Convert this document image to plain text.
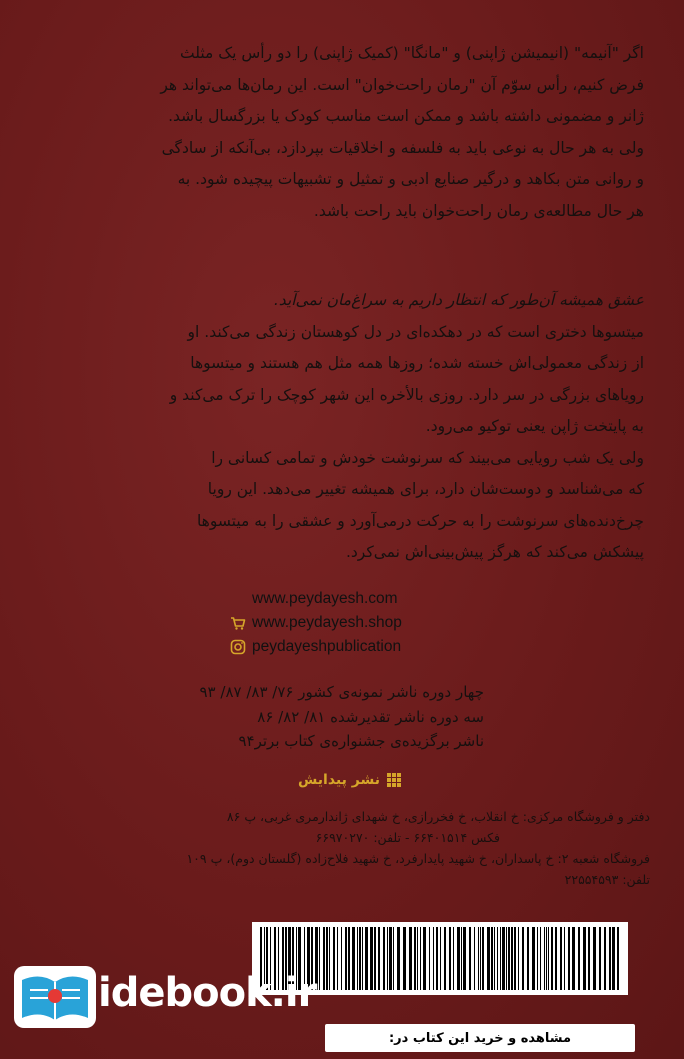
اگر "آنیمه" (انیمیشن ژاپنی) و "مانگا" (کمیک ژاپنی) را دو رأس یک مثلث
فرض کنیم، رأس سوّم آن "رمان راحت‌خوان" است. این رمان‌ها می‌تواند هر
ژانر و مضمونی داشته باشد و ممکن است مناسب کودک یا بزرگسال باشد.
ولی به هر حال به نوعی باید به فلسفه و اخلاقیات بپردازد، بی‌آنکه از سادگی
و روانی متن بکاهد و درگیر صنایع ادبی و تمثیل و تشبیهات پیچیده شود. به
هر حال مطالعه‌ی رمان راحت‌خوان باید راحت باشد.
عشق همیشه آن‌طور که انتظار داریم به سراغ‌مان نمی‌آید.
میتسوها دختری است که در دهکده‌ای در دل کوهستان زندگی می‌کند. او
از زندگی معمولی‌اش خسته شده؛ روزها همه مثل هم هستند و میتسوها
رویاهای بزرگی در سر دارد. روزی بالأخره این شهر کوچک را ترک می‌کند و
به پایتخت ژاپن یعنی توکیو می‌رود.
ولی یک شب رویایی می‌بیند که سرنوشت خودش و تمامی کسانی را
که می‌شناسد و دوست‌شان دارد، برای همیشه تغییر می‌دهد. این رویا
چرخ‌دنده‌های سرنوشت را به حرکت درمی‌آورد و عشقی را به میتسوها
پیشکش می‌کند که هرگز پیش‌بینی‌اش نمی‌کرد.
www.peydayesh.com
www.peydayesh.shop
peydayeshpublication
چهار دوره ناشر نمونه‌ی کشور ۷۶/ ۸۳/ ۸۷/ ۹۳
سه دوره ناشر تقدیرشده ۸۱/ ۸۲/ ۸۶
ناشر برگزیده‌ی جشنواره‌ی کتاب برتر۹۴
نشر پیدایش
دفتر و فروشگاه مرکزی: خ انقلاب، خ فخررازی، خ شهدای ژاندارمری غربی، پ ۸۶
فکس ۶۶۴۰۱۵۱۴ - تلفن: ۶۶۹۷۰۲۷۰
فروشگاه شعبه ۲: خ پاسداران، خ شهید پایدارفرد، خ شهید فلاح‌زاده (گلستان دوم)، پ ۱۰۹
تلفن: ۲۲۵۵۴۵۹۳
idebook.ir
مشاهده و خرید این کتاب در:
